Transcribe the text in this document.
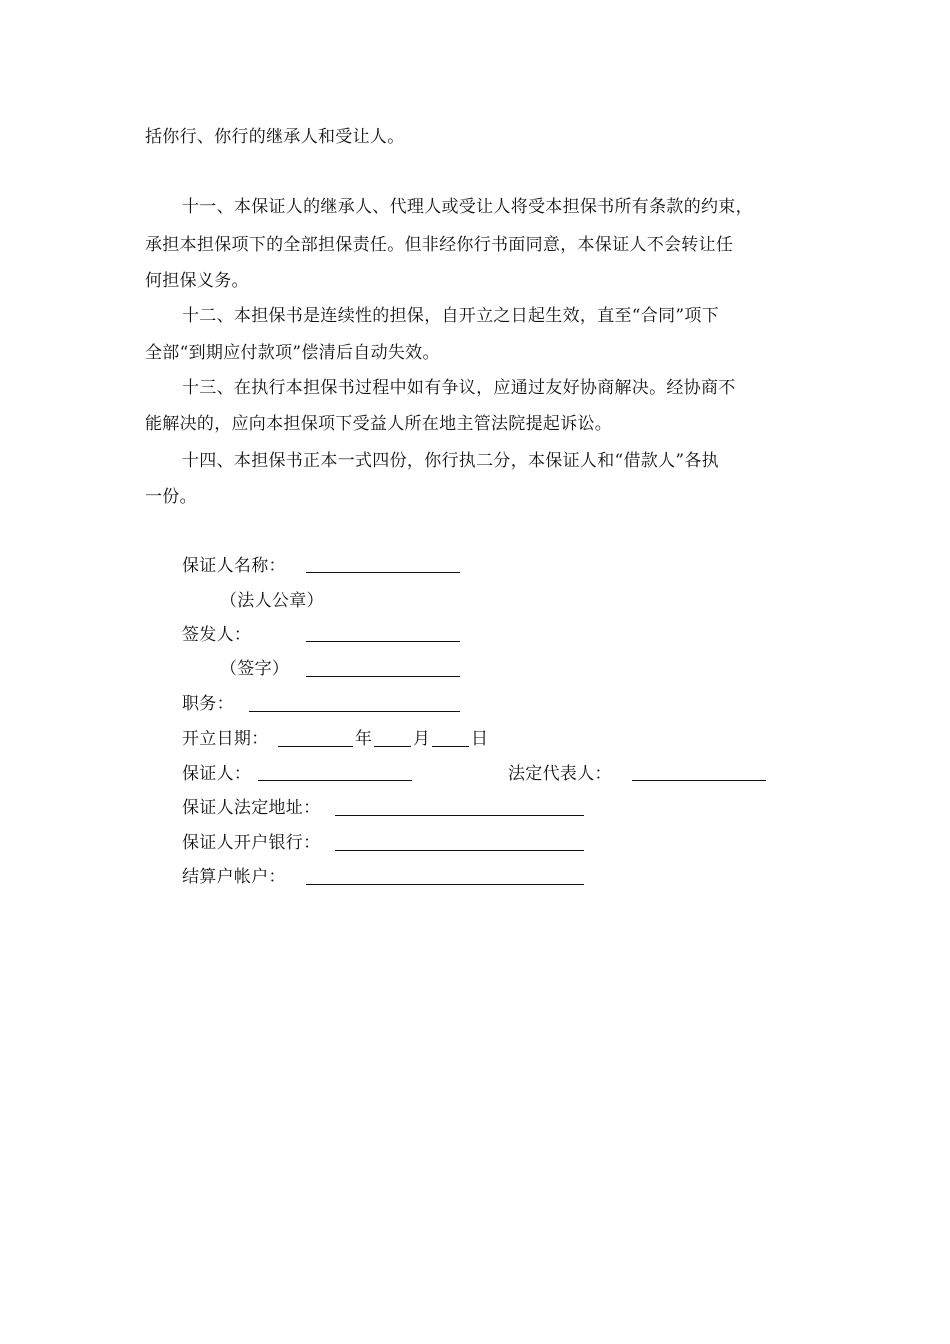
括你行、你行的继承人和受让人。
十一、本保证人的继承人、代理人或受让人将受本担保书所有条款的约束，
承担本担保项下的全部担保责任。但非经你行书面同意，本保证人不会转让任
何担保义务。
十二、本担保书是连续性的担保，自开立之日起生效，直至“合同”项下
全部“到期应付款项”偿清后自动失效。
十三、在执行本担保书过程中如有争议，应通过友好协商解决。经协商不
能解决的，应向本担保项下受益人所在地主管法院提起诉讼。
十四、本担保书正本一式四份，你行执二分，本保证人和“借款人”各执
一份。
保证人名称：
（法人公章）
签发人：
（签字）
职务：
开立日期：	年 月 日
保证人：	法定代表人：
保证人法定地址：
保证人开户银行：
结算户帐户：
